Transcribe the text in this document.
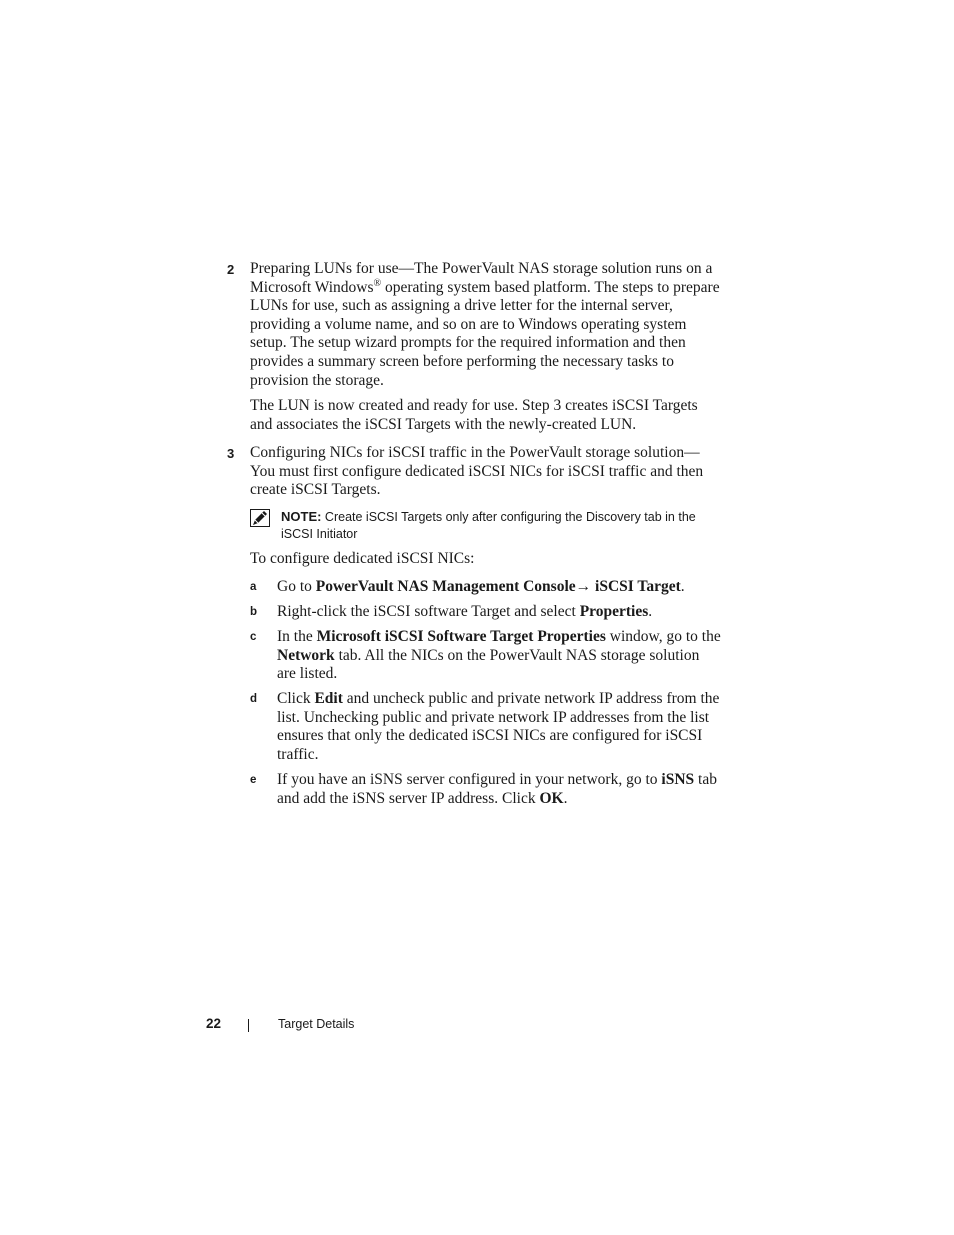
2 Preparing LUNs for use—The PowerVault NAS storage solution runs on a Microsoft Windows® operating system based platform. The steps to prepare LUNs for use, such as assigning a drive letter for the internal server, providing a volume name, and so on are to Windows operating system setup. The setup wizard prompts for the required information and then provides a summary screen before performing the necessary tasks to provision the storage.
The LUN is now created and ready for use. Step 3 creates iSCSI Targets and associates the iSCSI Targets with the newly-created LUN.
3 Configuring NICs for iSCSI traffic in the PowerVault storage solution—You must first configure dedicated iSCSI NICs for iSCSI traffic and then create iSCSI Targets.
NOTE: Create iSCSI Targets only after configuring the Discovery tab in the iSCSI Initiator
To configure dedicated iSCSI NICs:
a Go to PowerVault NAS Management Console→ iSCSI Target.
b Right-click the iSCSI software Target and select Properties.
c In the Microsoft iSCSI Software Target Properties window, go to the Network tab. All the NICs on the PowerVault NAS storage solution are listed.
d Click Edit and uncheck public and private network IP address from the list. Unchecking public and private network IP addresses from the list ensures that only the dedicated iSCSI NICs are configured for iSCSI traffic.
e If you have an iSNS server configured in your network, go to iSNS tab and add the iSNS server IP address. Click OK.
22	Target Details
